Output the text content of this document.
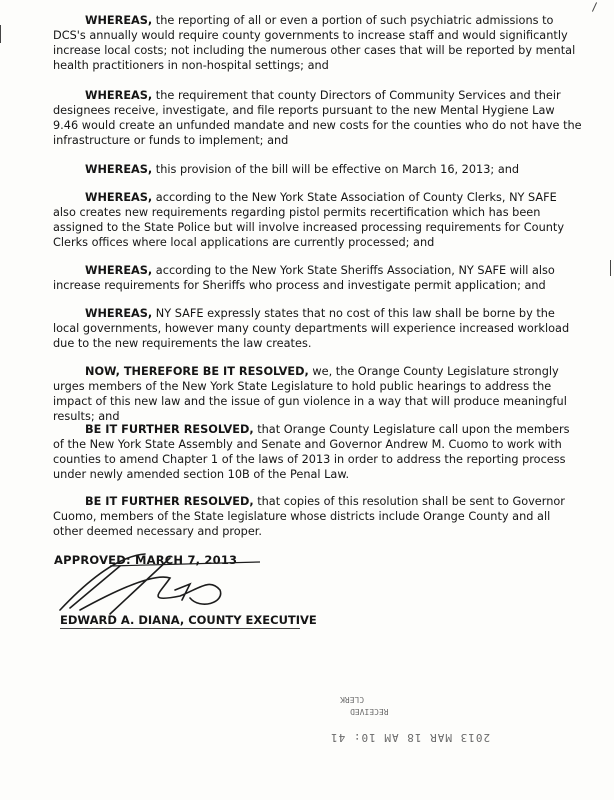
WHEREAS, the reporting of all or even a portion of such psychiatric admissions to DCS's annually would require county governments to increase staff and would significantly increase local costs; not including the numerous other cases that will be reported by mental health practitioners in non-hospital settings; and

WHEREAS, the requirement that county Directors of Community Services and their designees receive, investigate, and file reports pursuant to the new Mental Hygiene Law 9.46 would create an unfunded mandate and new costs for the counties who do not have the infrastructure or funds to implement; and

WHEREAS, this provision of the bill will be effective on March 16, 2013; and

WHEREAS, according to the New York State Association of County Clerks, NY SAFE also creates new requirements regarding pistol permits recertification which has been assigned to the State Police but will involve increased processing requirements for County Clerks offices where local applications are currently processed; and

WHEREAS, according to the New York State Sheriffs Association, NY SAFE will also increase requirements for Sheriffs who process and investigate permit application; and

WHEREAS, NY SAFE expressly states that no cost of this law shall be borne by the local governments, however many county departments will experience increased workload due to the new requirements the law creates.

NOW, THEREFORE BE IT RESOLVED, we, the Orange County Legislature strongly urges members of the New York State Legislature to hold public hearings to address the impact of this new law and the issue of gun violence in a way that will produce meaningful results; and

BE IT FURTHER RESOLVED, that Orange County Legislature call upon the members of the New York State Assembly and Senate and Governor Andrew M. Cuomo to work with counties to amend Chapter 1 of the laws of 2013 in order to address the reporting process under newly amended section 10B of the Penal Law.

BE IT FURTHER RESOLVED, that copies of this resolution shall be sent to Governor Cuomo, members of the State legislature whose districts include Orange County and all other deemed necessary and proper.

APPROVED: MARCH 7, 2013
EDWARD A. DIANA, COUNTY EXECUTIVE
2013 MAR 18 AM 10: 41
RECEIVED
CLERK
